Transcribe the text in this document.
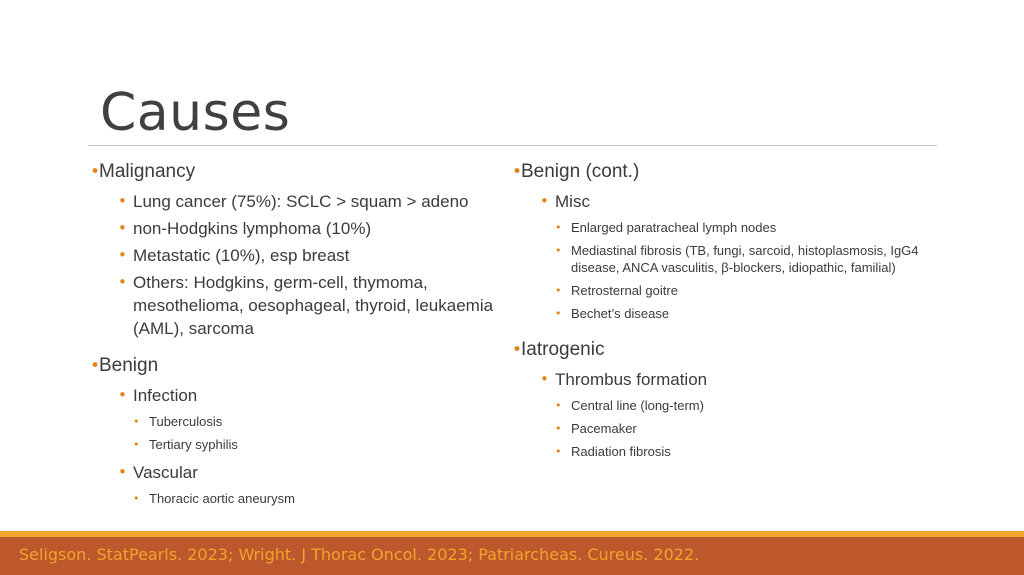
Causes
•
Malignancy
• Lung cancer (75%): SCLC > squam > adeno
• non-Hodgkins lymphoma (10%)
• Metastatic (10%), esp breast
• Others: Hodgkins, germ-cell, thymoma, mesothelioma, oesophageal, thyroid, leukaemia (AML), sarcoma
•
Benign
• Infection
• Tuberculosis
• Tertiary syphilis
• Vascular
• Thoracic aortic aneurysm
•
Benign (cont.)
• Misc
• Enlarged paratracheal lymph nodes
• Mediastinal fibrosis (TB, fungi, sarcoid, histoplasmosis, IgG4 disease, ANCA vasculitis, β-blockers, idiopathic, familial)
• Retrosternal goitre
• Bechet’s disease
•
Iatrogenic
• Thrombus formation
• Central line (long-term)
• Pacemaker
• Radiation fibrosis
Seligson. StatPearls. 2023; Wright. J Thorac Oncol. 2023; Patriarcheas. Cureus. 2022.
